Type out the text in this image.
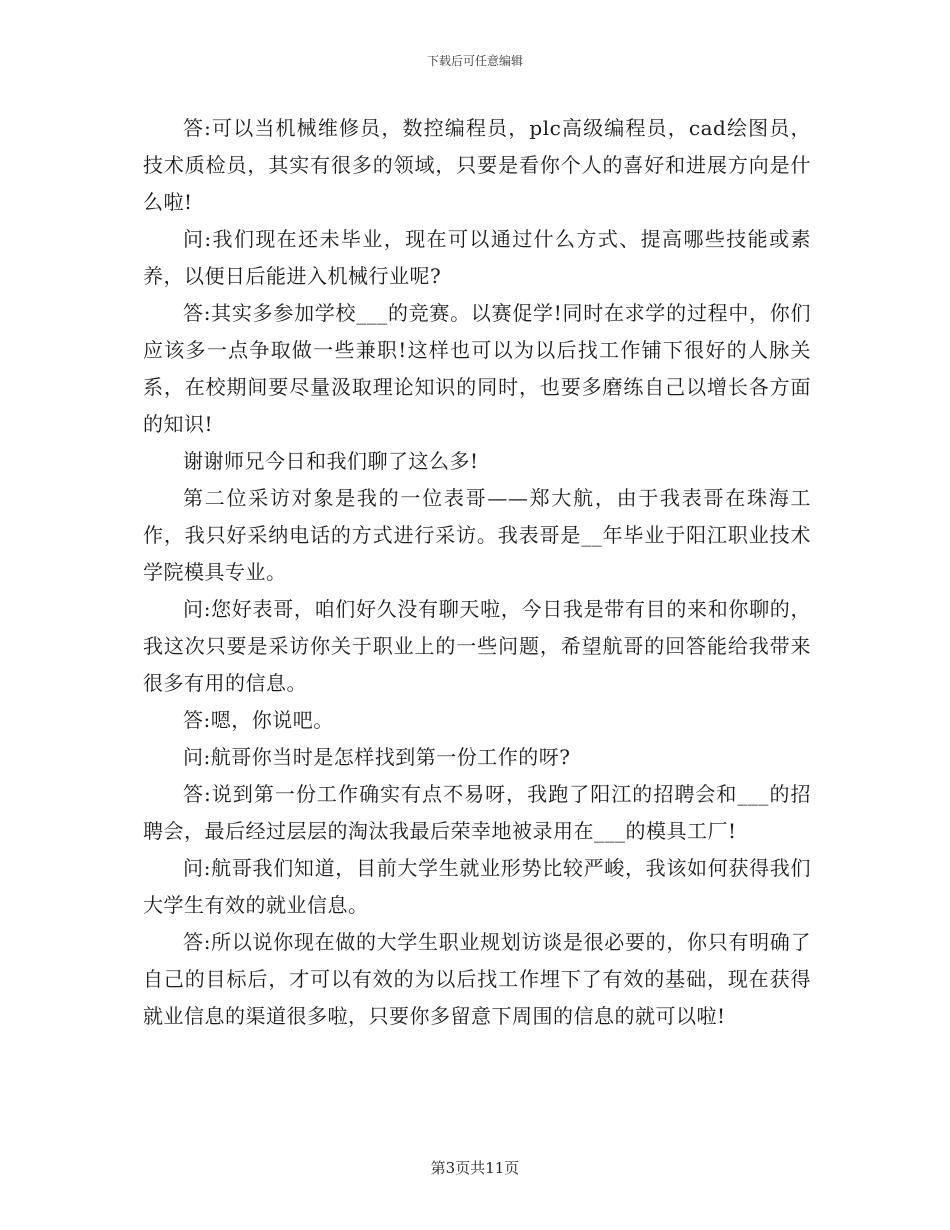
下载后可任意编辑

答:可以当机械维修员，数控编程员，plc高级编程员，cad绘图员，技术质检员，其实有很多的领域，只要是看你个人的喜好和进展方向是什么啦!

问:我们现在还未毕业，现在可以通过什么方式、提高哪些技能或素养，以便日后能进入机械行业呢?

答:其实多参加学校___的竞赛。以赛促学!同时在求学的过程中，你们应该多一点争取做一些兼职!这样也可以为以后找工作铺下很好的人脉关系，在校期间要尽量汲取理论知识的同时，也要多磨练自己以增长各方面的知识!

谢谢师兄今日和我们聊了这么多!

第二位采访对象是我的一位表哥——郑大航，由于我表哥在珠海工作，我只好采纳电话的方式进行采访。我表哥是__年毕业于阳江职业技术学院模具专业。

问:您好表哥，咱们好久没有聊天啦，今日我是带有目的来和你聊的，我这次只要是采访你关于职业上的一些问题，希望航哥的回答能给我带来很多有用的信息。

答:嗯，你说吧。

问:航哥你当时是怎样找到第一份工作的呀?

答:说到第一份工作确实有点不易呀，我跑了阳江的招聘会和___的招聘会，最后经过层层的淘汰我最后荣幸地被录用在___的模具工厂!

问:航哥我们知道，目前大学生就业形势比较严峻，我该如何获得我们大学生有效的就业信息。

答:所以说你现在做的大学生职业规划访谈是很必要的，你只有明确了自己的目标后，才可以有效的为以后找工作埋下了有效的基础，现在获得就业信息的渠道很多啦，只要你多留意下周围的信息的就可以啦!

第3页共11页
